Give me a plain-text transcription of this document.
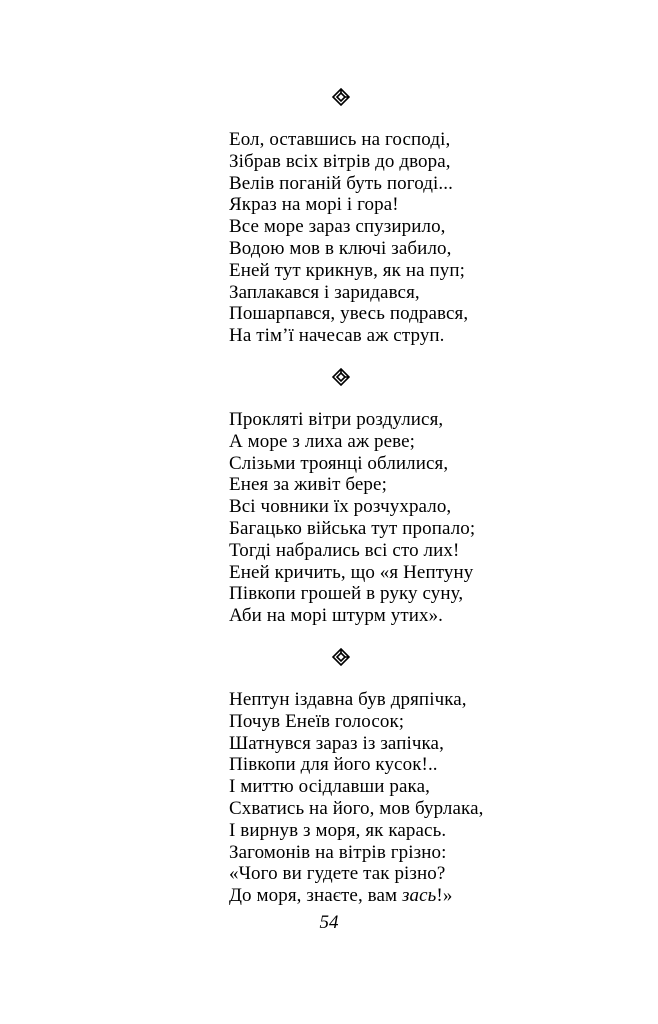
Еол, оставшись на господі,
Зібрав всіх вітрів до двора,
Велів поганій буть погоді...
Якраз на морі і гора!
Все море зараз спузирило,
Водою мов в ключі забило,
Еней тут крикнув, як на пуп;
Заплакався і заридався,
Пошарпався, увесь подрався,
На тім’ї начесав аж струп.
Прокляті вітри роздулися,
А море з лиха аж реве;
Слізьми троянці облилися,
Енея за живіт бере;
Всі човники їх розчухрало,
Багацько війська тут пропало;
Тогді набрались всі сто лих!
Еней кричить, що «я Нептуну
Півкопи грошей в руку суну,
Аби на морі штурм утих».
Нептун іздавна був дряпічка,
Почув Енеїв голосок;
Шатнувся зараз із запічка,
Півкопи для його кусок!..
І миттю осідлавши рака,
Схватись на його, мов бурлака,
І вирнув з моря, як карась.
Загомонів на вітрів грізно:
«Чого ви гудете так різно?
До моря, знаєте, вам зась!»
54
